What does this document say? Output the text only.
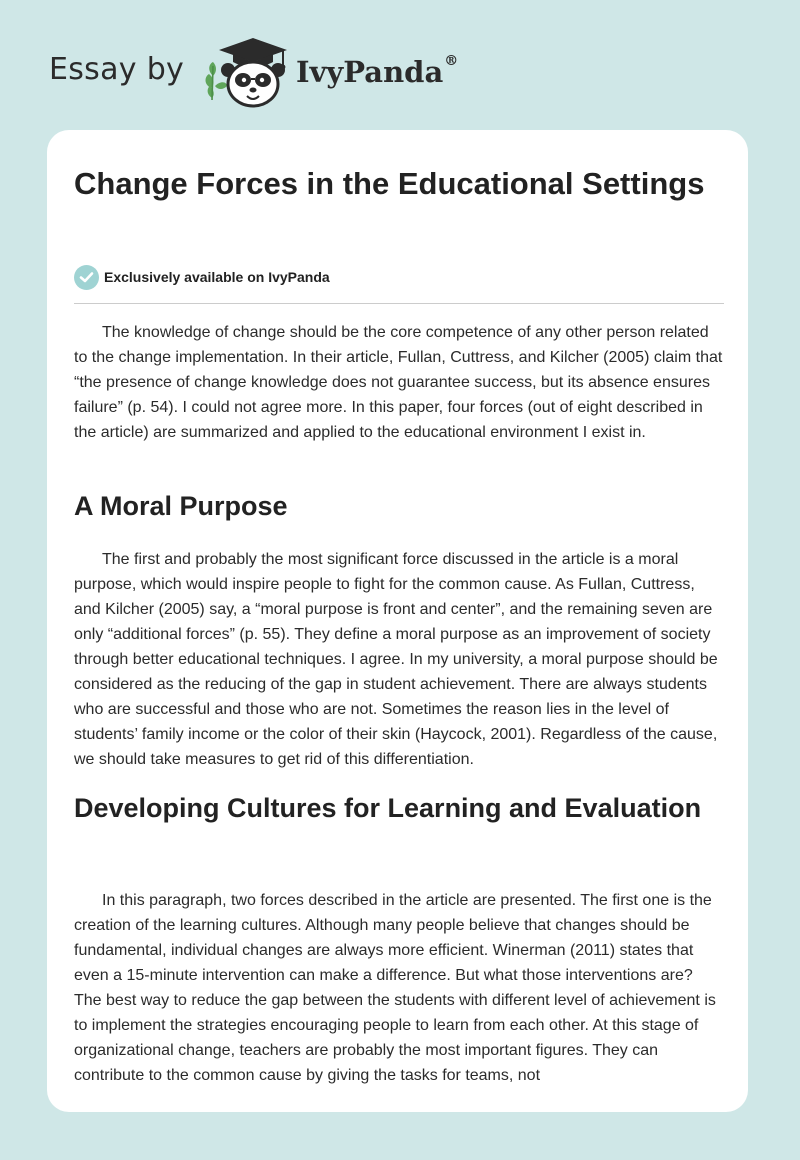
Essay by	IvyPanda®
Change Forces in the Educational Settings
Exclusively available on IvyPanda

The knowledge of change should be the core competence of any other person related to the change implementation. In their article, Fullan, Cuttress, and Kilcher (2005) claim that “the presence of change knowledge does not guarantee success, but its absence ensures failure” (p. 54). I could not agree more. In this paper, four forces (out of eight described in the article) are summarized and applied to the educational environment I exist in.

A Moral Purpose

The first and probably the most significant force discussed in the article is a moral purpose, which would inspire people to fight for the common cause. As Fullan, Cuttress, and Kilcher (2005) say, a “moral purpose is front and center”, and the remaining seven are only “additional forces” (p. 55). They define a moral purpose as an improvement of society through better educational techniques. I agree. In my university, a moral purpose should be considered as the reducing of the gap in student achievement. There are always students who are successful and those who are not. Sometimes the reason lies in the level of students’ family income or the color of their skin (Haycock, 2001). Regardless of the cause, we should take measures to get rid of this differentiation.

Developing Cultures for Learning and Evaluation

In this paragraph, two forces described in the article are presented. The first one is the creation of the learning cultures. Although many people believe that changes should be fundamental, individual changes are always more efficient. Winerman (2011) states that even a 15-minute intervention can make a difference. But what those interventions are? The best way to reduce the gap between the students with different level of achievement is to implement the strategies encouraging people to learn from each other. At this stage of organizational change, teachers are probably the most important figures. They can contribute to the common cause by giving the tasks for teams, not
